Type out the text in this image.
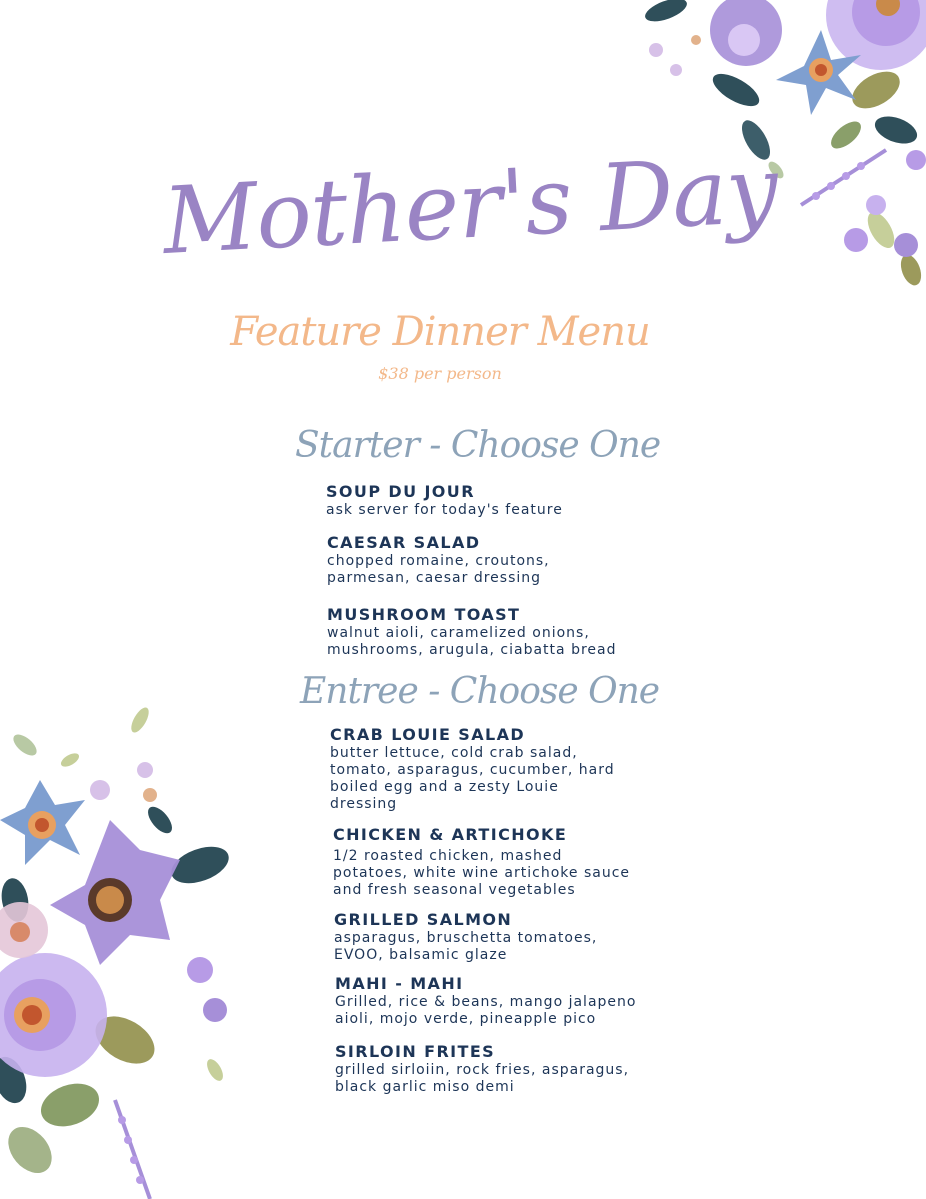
Mother's Day
Feature Dinner Menu
$38 per person
Starter - Choose One
SOUP DU JOUR
ask server for today's feature
CAESAR SALAD
chopped romaine, croutons,
parmesan, caesar dressing
MUSHROOM TOAST
walnut aioli, caramelized onions,
mushrooms, arugula, ciabatta bread
Entree - Choose One
CRAB LOUIE SALAD
butter lettuce, cold crab salad,
tomato, asparagus, cucumber, hard
boiled egg and a zesty Louie
dressing
CHICKEN & ARTICHOKE
1/2 roasted chicken, mashed
potatoes, white wine artichoke sauce
and fresh seasonal vegetables
GRILLED SALMON
asparagus, bruschetta tomatoes,
EVOO, balsamic glaze
MAHI - MAHI
Grilled, rice & beans, mango jalapeno
aioli, mojo verde, pineapple pico
SIRLOIN FRITES
grilled sirloiin, rock fries, asparagus,
black garlic miso demi
